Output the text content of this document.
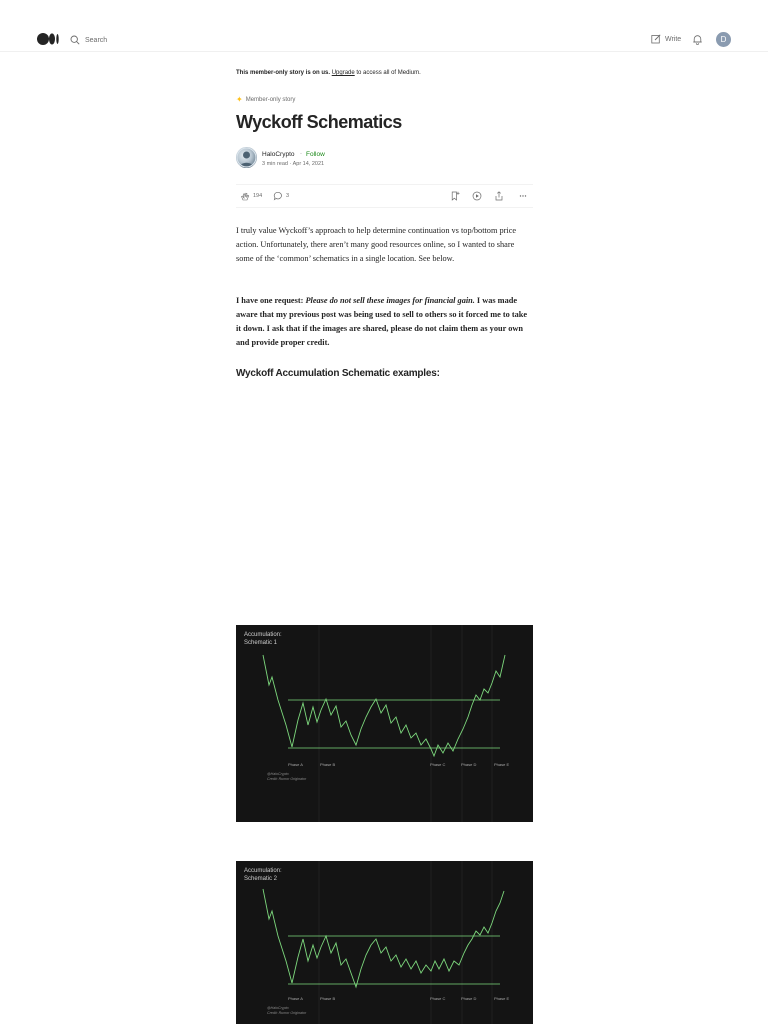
Search	Write	D
This member-only story is on us. Upgrade to access all of Medium.
✦ Member-only story
Wyckoff Schematics
HaloCrypto · Follow
3 min read · Apr 14, 2021
194	3

I truly value Wyckoff’s approach to help determine continuation vs top/bottom price action. Unfortunately, there aren’t many good resources online, so I wanted to share some of the ‘common’ schematics in a single location. See below.

I have one request: Please do not sell these images for financial gain. I was made aware that my previous post was being used to sell to others so it forced me to take it down. I ask that if the images are shared, please do not claim them as your own and provide proper credit.

Wyckoff Accumulation Schematic examples:
Accumulation:
Schematic 1
Phase A	Phase B	Phase C	Phase D	Phase E
@HaloCrypto
Credit: Rumor Originator
Accumulation:
Schematic 2
Phase A	Phase B	Phase C	Phase D	Phase E
@HaloCrypto
Credit: Rumor Originator
